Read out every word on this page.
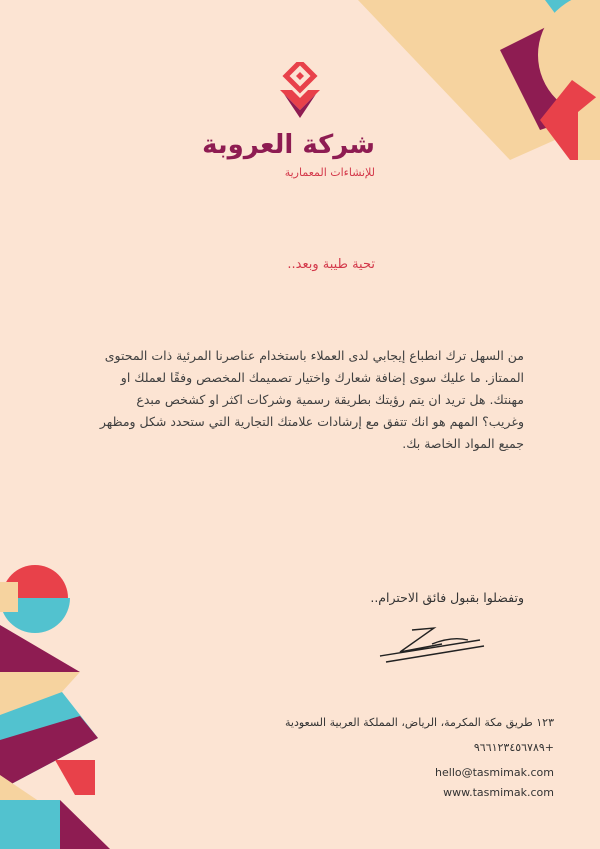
شركة العروبة
للإنشاءات المعمارية
تحية طيبة وبعد..
من السهل ترك انطباع إيجابي لدى العملاء باستخدام عناصرنا المرئية ذات المحتوى الممتاز. ما عليك سوى إضافة شعارك واختيار تصميمك المخصص وفقًا لعملك او مهنتك. هل تريد ان يتم رؤيتك بطريقة رسمية وشركات اكثر او كشخص مبدع وغريب؟ المهم هو انك تتفق مع إرشادات علامتك التجارية التي ستحدد شكل ومظهر جميع المواد الخاصة بك.
وتفضلوا بقبول فائق الاحترام..
١٢٣ طريق مكة المكرمة، الرياض، المملكة العربية السعودية
+٩٦٦١٢٣٤٥٦٧٨٩
hello@tasmimak.com
www.tasmimak.com
